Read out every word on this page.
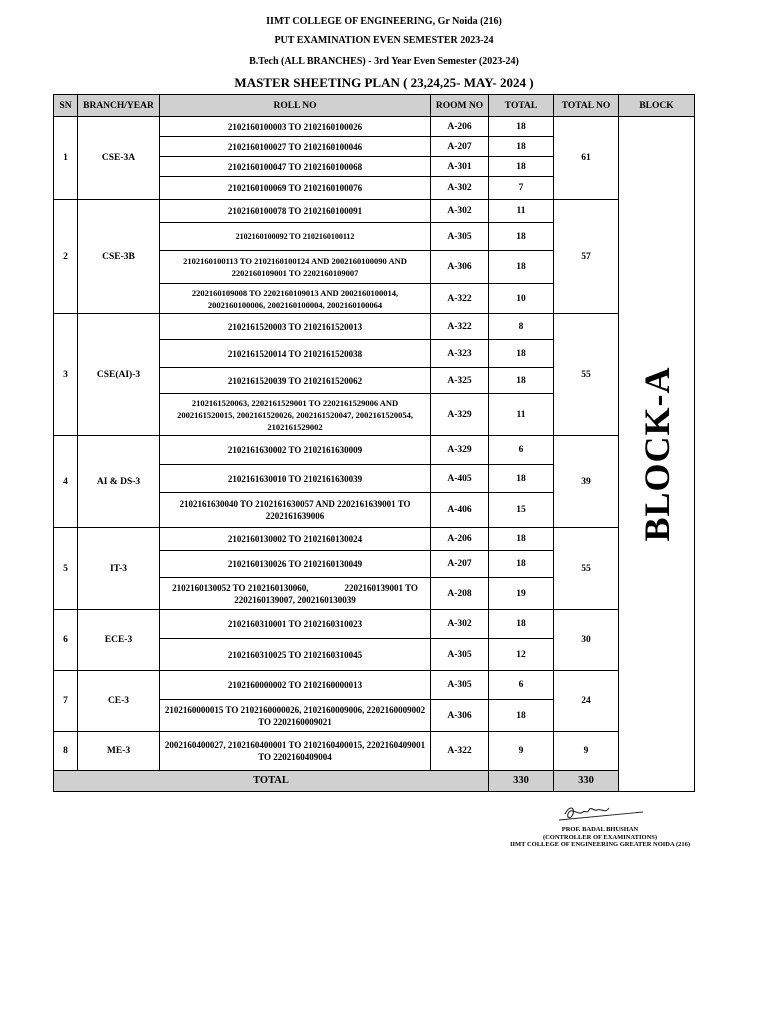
IIMT COLLEGE OF ENGINEERING, Gr Noida (216)
PUT EXAMINATION EVEN SEMESTER 2023-24
B.Tech (ALL BRANCHES) - 3rd Year Even Semester (2023-24)
MASTER SHEETING PLAN ( 23,24,25- MAY- 2024 )
SN	BRANCH/YEAR	ROLL NO	ROOM NO	TOTAL	TOTAL NO	BLOCK	
1	CSE-3A	2102160100003 TO 2102160100026	A-206	18	61	BLOCK-A	

		2102160100027 TO 2102160100046	A-207	18			
		2102160100047 TO 2102160100068	A-301	18			
		2102160100069 TO 2102160100076	A-302	7			
2	CSE-3B	2102160100078 TO 2102160100091	A-302	11	57		
		2102160100092 TO 2102160100112	A-305	18			
		2102160100113 TO 2102160100124 AND 2002160100090 AND 2202160109001 TO 2202160109007	A-306	18			
		2202160109008 TO 2202160109013 AND 2002160100014, 2002160100006, 2002160100004, 2002160100064	A-322	10			
3	CSE(AI)-3	2102161520003 TO 2102161520013	A-322	8	55		
		2102161520014 TO 2102161520038	A-323	18			
		2102161520039 TO 2102161520062	A-325	18			
		2102161520063, 2202161529001 TO 2202161529006 AND 2002161520015, 2002161520026, 2002161520047, 2002161520054, 2102161529002	A-329	11			
4	AI & DS-3	2102161630002 TO 2102161630009	A-329	6	39		
		2102161630010 TO 2102161630039	A-405	18			
		2102161630040 TO 2102161630057 AND 2202161639001 TO 2202161639006	A-406	15			
5	IT-3	2102160130002 TO 2102160130024	A-206	18	55		
		2102160130026 TO 2102160130049	A-207	18			
		2102160130052 TO 2102160130060,                2202160139001 TO  2202160139007, 2002160130039	A-208	19			
6	ECE-3	2102160310001 TO 2102160310023	A-302	18	30		
		2102160310025 TO 2102160310045	A-305	12			
7	CE-3	2102160000002 TO 2102160000013	A-305	6	24		
		2102160000015 TO 2102160000026, 2102160009006, 2202160009002 TO 2202160009021	A-306	18			
8	ME-3	2002160400027, 2102160400001 TO 2102160400015, 2202160409001 TO 2202160409004	A-322	9	9		
TOTAL				330	330		
PROF. BADAL BHUSHAN
(CONTROLLER OF EXAMINATIONS)
IIMT COLLEGE OF ENGINEERING GREATER NOIDA (216)
